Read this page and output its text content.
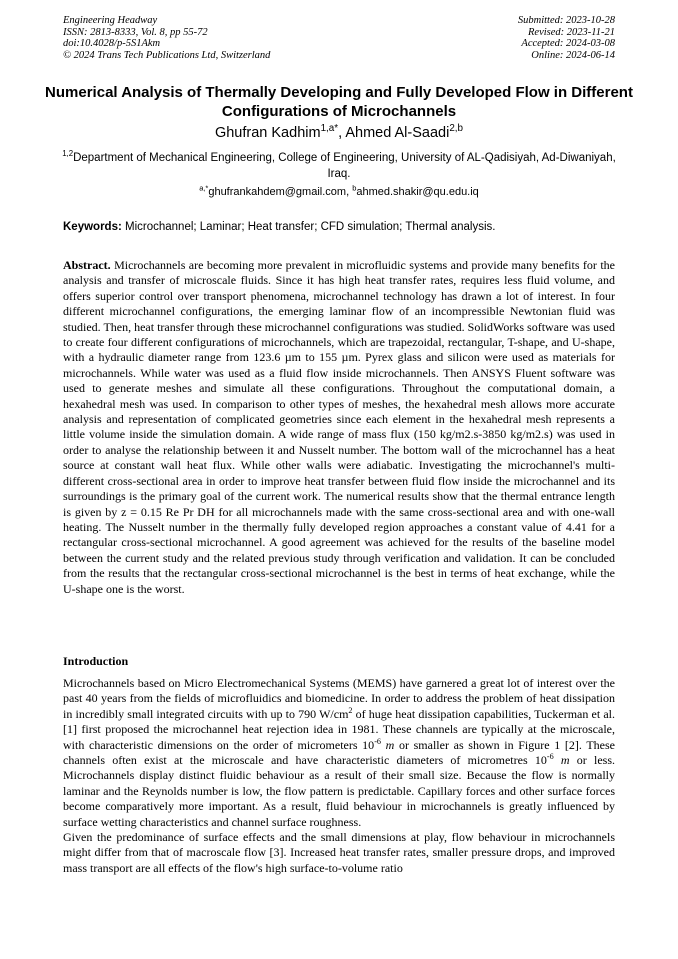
Engineering Headway
ISSN: 2813-8333, Vol. 8, pp 55-72
doi:10.4028/p-5S1Akm
© 2024 Trans Tech Publications Ltd, Switzerland
Submitted: 2023-10-28
Revised: 2023-11-21
Accepted: 2024-03-08
Online: 2024-06-14
Numerical Analysis of Thermally Developing and Fully Developed Flow in Different Configurations of Microchannels
Ghufran Kadhim$^{1,a*}$, Ahmed Al-Saadi$^{2,b}$
$^{1,2}$Department of Mechanical Engineering, College of Engineering, University of AL-Qadisiyah, Ad-Diwaniyah, Iraq.
$^{a,*}$ghufrankahdem@gmail.com, $^b$ahmed.shakir@qu.edu.iq
Keywords: Microchannel; Laminar; Heat transfer; CFD simulation; Thermal analysis.
Abstract. Microchannels are becoming more prevalent in microfluidic systems and provide many benefits for the analysis and transfer of microscale fluids. Since it has high heat transfer rates, requires less fluid volume, and offers superior control over transport phenomena, microchannel technology has drawn a lot of interest. In four different microchannel configurations, the emerging laminar flow of an incompressible Newtonian fluid was studied. Then, heat transfer through these microchannel configurations was studied. SolidWorks software was used to create four different configurations of microchannels, which are trapezoidal, rectangular, T-shape, and U-shape, with a hydraulic diameter range from 123.6 µm to 155 µm. Pyrex glass and silicon were used as materials for microchannels. While water was used as a fluid flow inside microchannels. Then ANSYS Fluent software was used to generate meshes and simulate all these configurations. Throughout the computational domain, a hexahedral mesh was used. In comparison to other types of meshes, the hexahedral mesh allows more accurate analysis and representation of complicated geometries since each element in the hexahedral mesh represents a little volume inside the simulation domain. A wide range of mass flux (150 kg/m2.s-3850 kg/m2.s) was used in order to analyse the relationship between it and Nusselt number. The bottom wall of the microchannel has a heat source at constant wall heat flux. While other walls were adiabatic. Investigating the microchannel's multi-different cross-sectional area in order to improve heat transfer between fluid flow inside the microchannel and its surroundings is the primary goal of the current work. The numerical results show that the thermal entrance length is given by z = 0.15 Re Pr DH for all microchannels made with the same cross-sectional area and with one-wall heating. The Nusselt number in the thermally fully developed region approaches a constant value of 4.41 for a rectangular cross-sectional microchannel. A good agreement was achieved for the results of the baseline model between the current study and the related previous study through verification and validation. It can be concluded from the results that the rectangular cross-sectional microchannel is the best in terms of heat exchange, while the U-shape one is the worst.
Introduction

Microchannels based on Micro Electromechanical Systems (MEMS) have garnered a great lot of interest over the past 40 years from the fields of microfluidics and biomedicine. In order to address the problem of heat dissipation in incredibly small integrated circuits with up to 790 $W/cm^2$ of huge heat dissipation capabilities, Tuckerman et al. [1] first proposed the microchannel heat rejection idea in 1981. These channels are typically at the microscale, with characteristic dimensions on the order of micrometers $10^{-6}$ m or smaller as shown in Figure 1 [2]. These channels often exist at the microscale and have characteristic diameters of micrometres $10^{-6}$ m or less. Microchannels display distinct fluidic behaviour as a result of their small size. Because the flow is normally laminar and the Reynolds number is low, the flow pattern is predictable. Capillary forces and other surface forces become comparatively more important. As a result, fluid behaviour in microchannels is greatly influenced by surface wetting characteristics and channel surface roughness.

Given the predominance of surface effects and the small dimensions at play, flow behaviour in microchannels might differ from that of macroscale flow [3]. Increased heat transfer rates, smaller pressure drops, and improved mass transport are all effects of the flow's high surface-to-volume ratio
